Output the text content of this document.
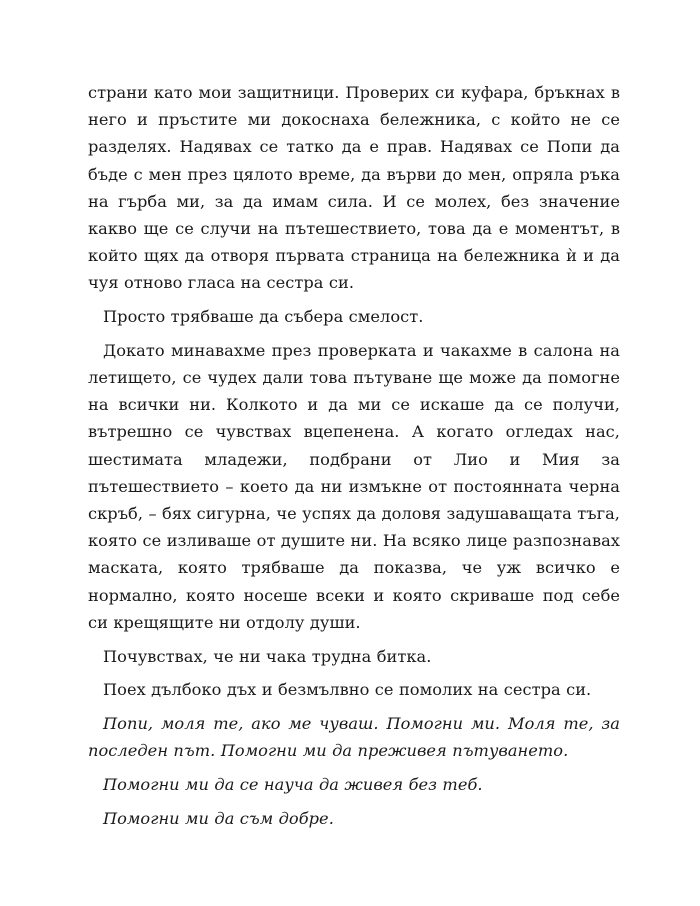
страни като мои защитници. Проверих си куфара, бръкнах в него и пръстите ми докоснаха бележника, с който не се разделях. Надявах се татко да е прав. Надявах се Попи да бъде с мен през цялото време, да върви до мен, опряла ръка на гърба ми, за да имам сила. И се молех, без значение какво ще се случи на пътешествието, това да е моментът, в който щях да отворя първата страница на бележника ѝ и да чуя отново гласа на сестра си.

Просто трябваше да събера смелост.

Докато минавахме през проверката и чакахме в салона на летището, се чудех дали това пътуване ще може да помогне на всички ни. Колкото и да ми се искаше да се получи, вътрешно се чувствах вцепенена. А когато огледах нас, шестимата младежи, подбрани от Лио и Мия за пътешествието – което да ни измъкне от постоянната черна скръб, – бях сигурна, че успях да доловя задушаващата тъга, която се изливаше от душите ни. На всяко лице разпознавах маската, която трябваше да показва, че уж всичко е нормално, която носеше всеки и която скриваше под себе си крещящите ни отдолу души.

Почувствах, че ни чака трудна битка.

Поех дълбоко дъх и безмълвно се помолих на сестра си.

Попи, моля те, ако ме чуваш. Помогни ми. Моля те, за последен път. Помогни ми да преживея пътуването.

Помогни ми да се науча да живея без теб.

Помогни ми да съм добре.
